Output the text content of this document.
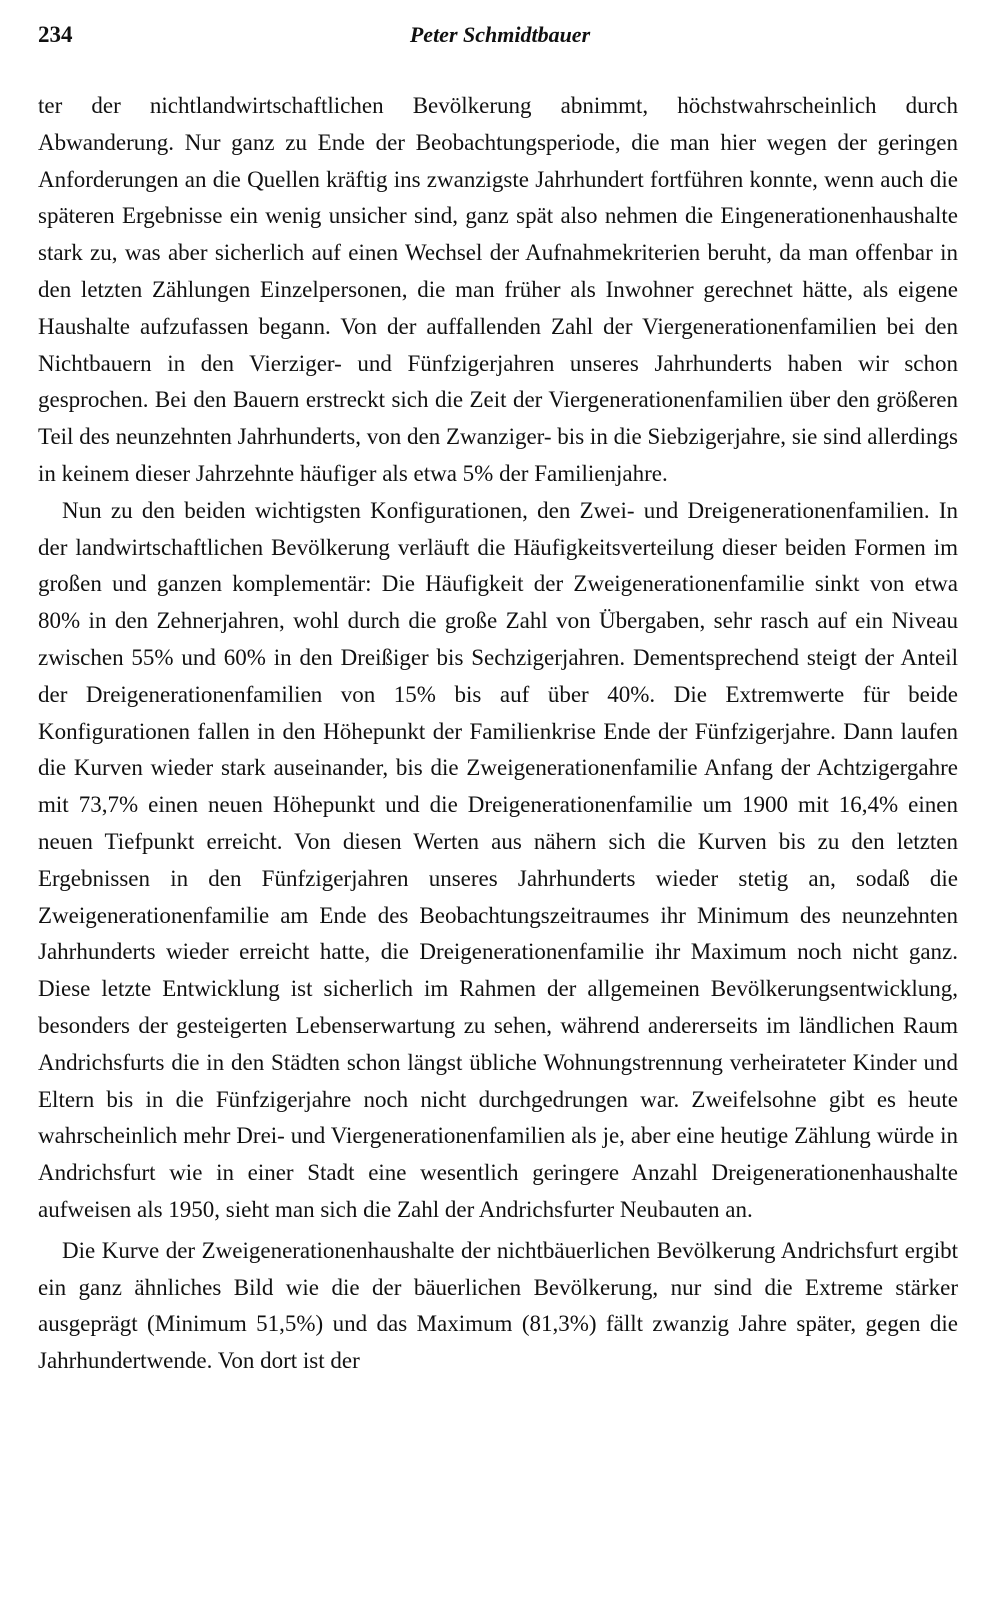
234	Peter Schmidtbauer

ter der nichtlandwirtschaftlichen Bevölkerung abnimmt, höchstwahrscheinlich durch Abwanderung. Nur ganz zu Ende der Beobachtungsperiode, die man hier wegen der geringen Anforderungen an die Quellen kräftig ins zwanzigste Jahrhundert fortführen konnte, wenn auch die späteren Ergebnisse ein wenig unsicher sind, ganz spät also nehmen die Eingenerationenhaushalte stark zu, was aber sicherlich auf einen Wechsel der Aufnahmekriterien beruht, da man offenbar in den letzten Zählungen Einzelpersonen, die man früher als Inwohner gerechnet hätte, als eigene Haushalte aufzufassen begann. Von der auffallenden Zahl der Viergenerationenfamilien bei den Nichtbauern in den Vierziger- und Fünfzigerjahren unseres Jahrhunderts haben wir schon gesprochen. Bei den Bauern erstreckt sich die Zeit der Viergenerationenfamilien über den größeren Teil des neunzehnten Jahrhunderts, von den Zwanziger- bis in die Siebzigerjahre, sie sind allerdings in keinem dieser Jahrzehnte häufiger als etwa 5% der Familienjahre.

Nun zu den beiden wichtigsten Konfigurationen, den Zwei- und Dreigenerationenfamilien. In der landwirtschaftlichen Bevölkerung verläuft die Häufigkeitsverteilung dieser beiden Formen im großen und ganzen komplementär: Die Häufigkeit der Zweigenerationenfamilie sinkt von etwa 80% in den Zehnerjahren, wohl durch die große Zahl von Übergaben, sehr rasch auf ein Niveau zwischen 55% und 60% in den Dreißiger bis Sechzigerjahren. Dementsprechend steigt der Anteil der Dreigenerationenfamilien von 15% bis auf über 40%. Die Extremwerte für beide Konfigurationen fallen in den Höhepunkt der Familienkrise Ende der Fünfzigerjahre. Dann laufen die Kurven wieder stark auseinander, bis die Zweigenerationenfamilie Anfang der Achtzigergahre mit 73,7% einen neuen Höhepunkt und die Dreigenerationenfamilie um 1900 mit 16,4% einen neuen Tiefpunkt erreicht. Von diesen Werten aus nähern sich die Kurven bis zu den letzten Ergebnissen in den Fünfzigerjahren unseres Jahrhunderts wieder stetig an, sodaß die Zweigenerationenfamilie am Ende des Beobachtungszeitraumes ihr Minimum des neunzehnten Jahrhunderts wieder erreicht hatte, die Dreigenerationenfamilie ihr Maximum noch nicht ganz. Diese letzte Entwicklung ist sicherlich im Rahmen der allgemeinen Bevölkerungsentwicklung, besonders der gesteigerten Lebenserwartung zu sehen, während andererseits im ländlichen Raum Andrichsfurts die in den Städten schon längst übliche Wohnungstrennung verheirateter Kinder und Eltern bis in die Fünfzigerjahre noch nicht durchgedrungen war. Zweifelsohne gibt es heute wahrscheinlich mehr Drei- und Viergenerationenfamilien als je, aber eine heutige Zählung würde in Andrichsfurt wie in einer Stadt eine wesentlich geringere Anzahl Dreigenerationenhaushalte aufweisen als 1950, sieht man sich die Zahl der Andrichsfurter Neubauten an.

Die Kurve der Zweigenerationenhaushalte der nichtbäuerlichen Bevölkerung Andrichsfurt ergibt ein ganz ähnliches Bild wie die der bäuerlichen Bevölkerung, nur sind die Extreme stärker ausgeprägt (Minimum 51,5%) und das Maximum (81,3%) fällt zwanzig Jahre später, gegen die Jahrhundertwende. Von dort ist der
